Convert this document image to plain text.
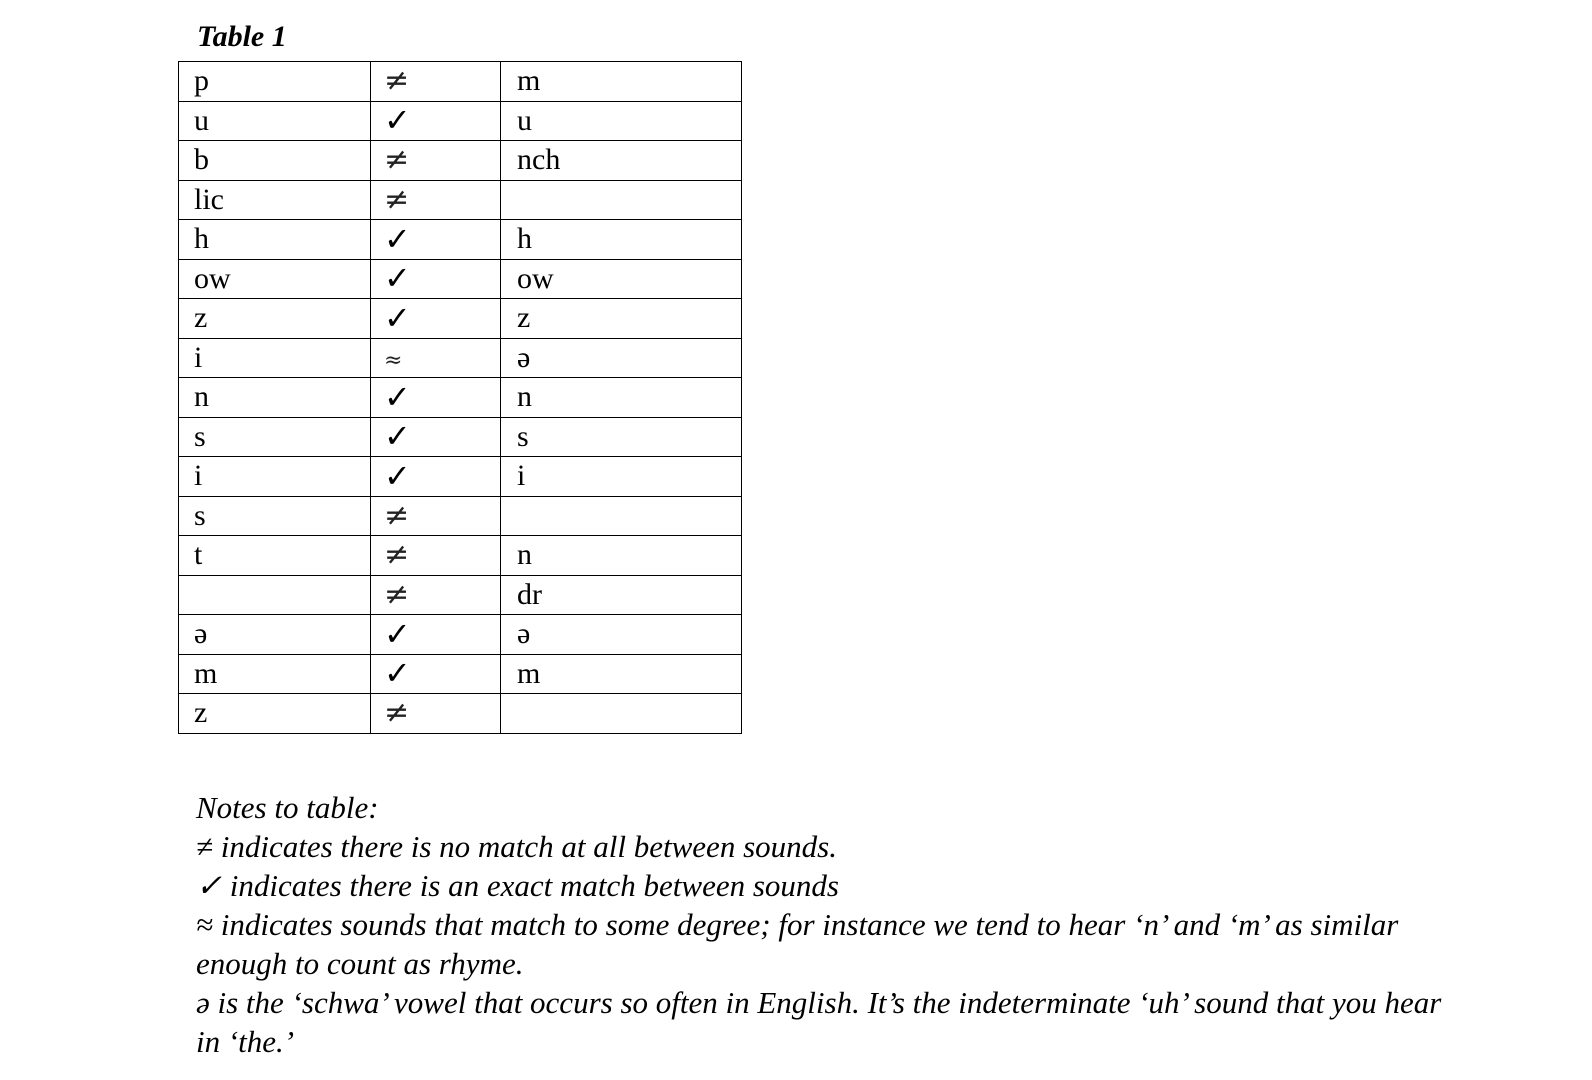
Table 1
p	≠	m
u	✓	u
b	≠	nch
lic	≠	
h	✓	h
ow	✓	ow
z	✓	z
i	≈	ə
n	✓	n
s	✓	s
i	✓	i
s	≠	
t	≠	n
	≠	dr
ə	✓	ə
m	✓	m
z	≠	

Notes to table:

≠ indicates there is no match at all between sounds.

✓ indicates there is an exact match between sounds

≈ indicates sounds that match to some degree; for instance we tend to hear ‘n’ and ‘m’ as similar enough to count as rhyme.

ə is the ‘schwa’ vowel that occurs so often in English. It’s the indeterminate ‘uh’ sound that you hear in ‘the.’
